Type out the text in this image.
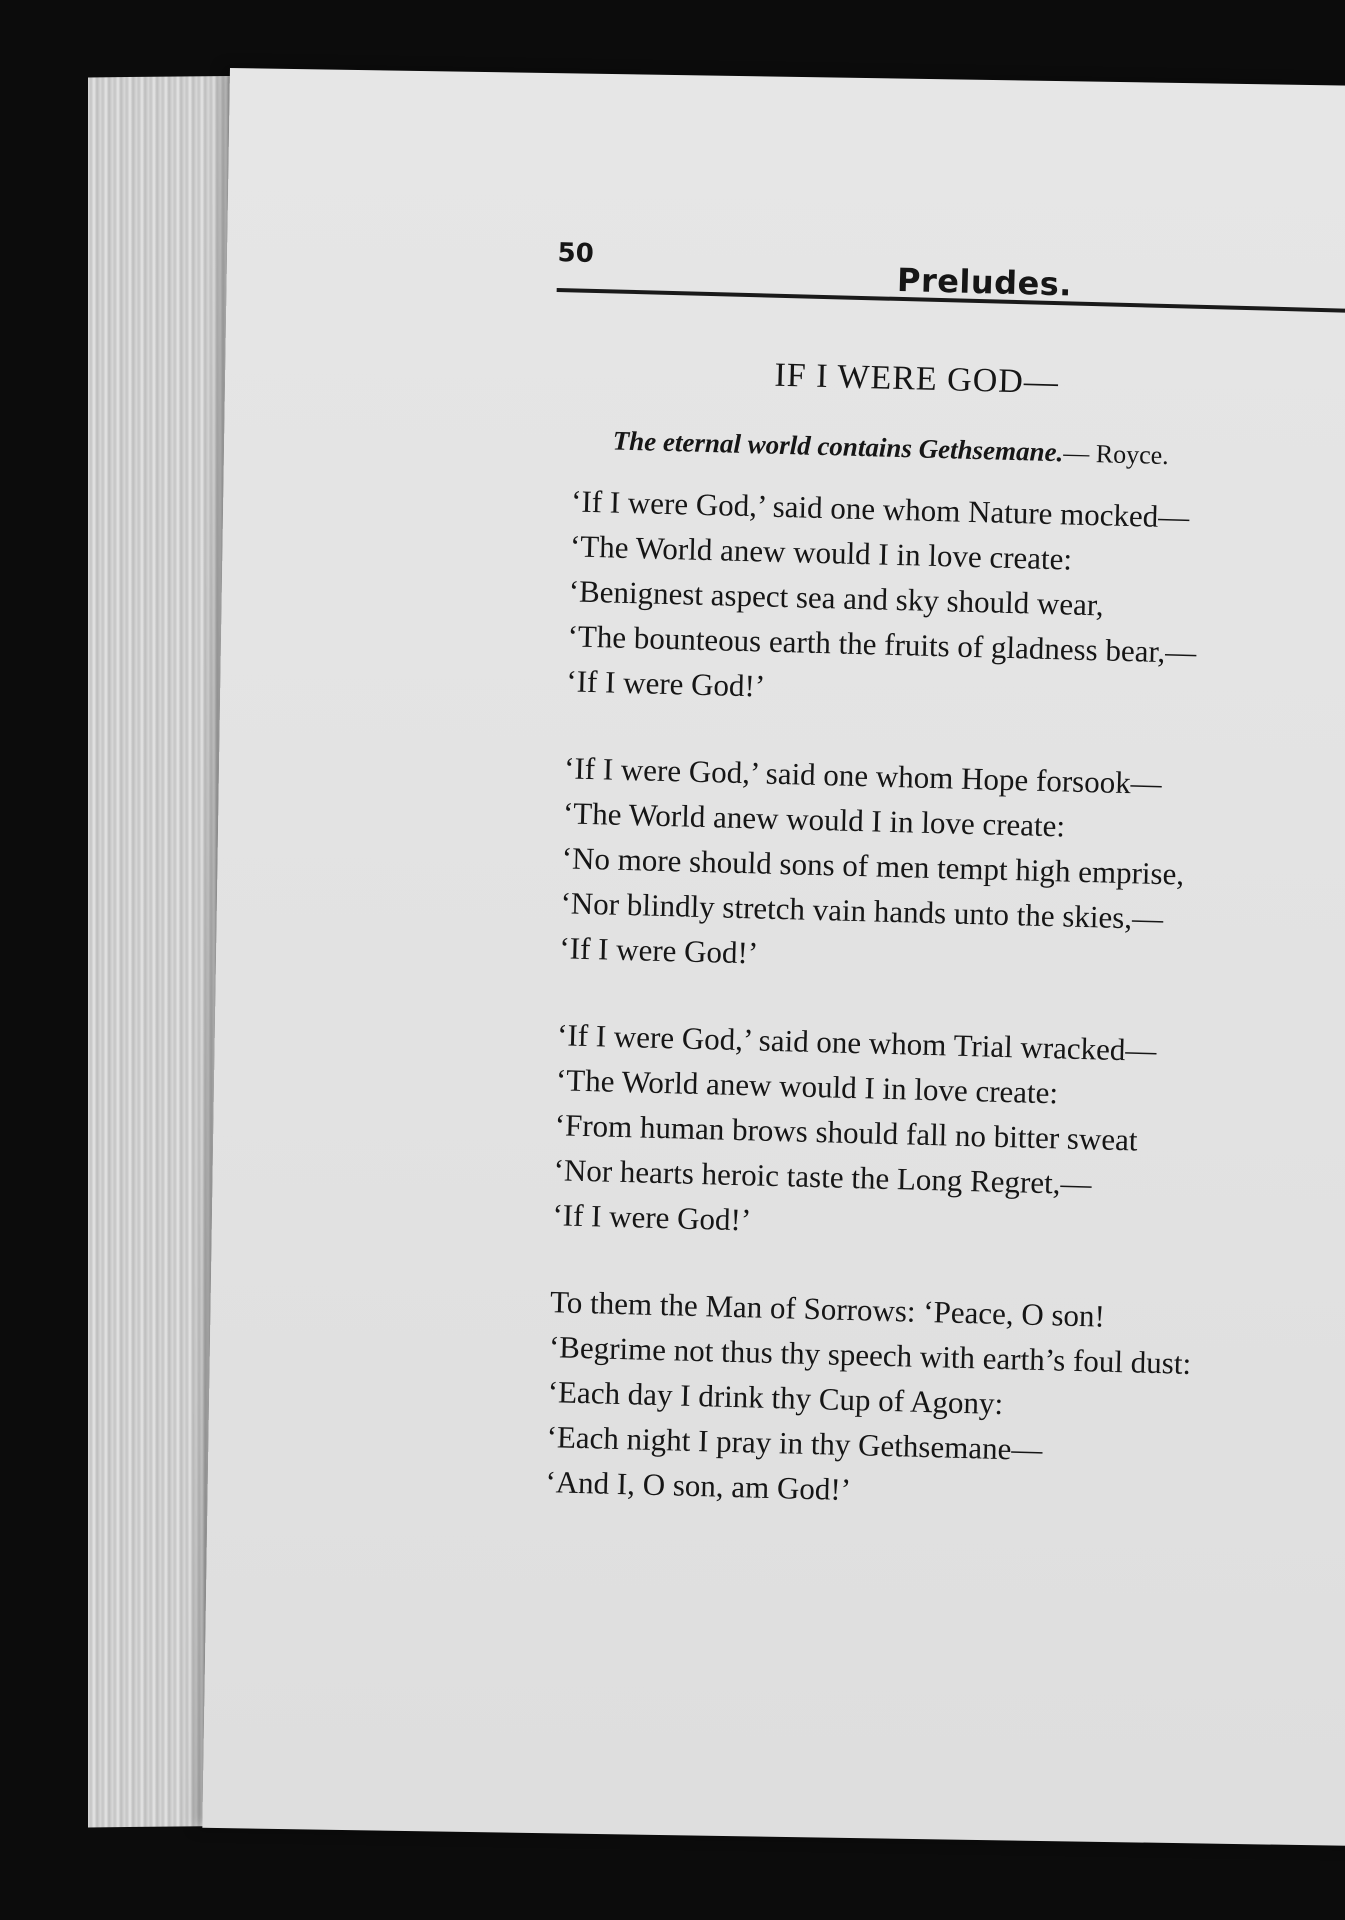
50
Preludes.
IF I WERE GOD—
The eternal world contains Gethsemane.— Royce.
‘If I were God,’ said one whom Nature mocked—
‘The World anew would I in love create:
‘Benignest aspect sea and sky should wear,
‘The bounteous earth the fruits of gladness bear,—
‘If I were God!’
‘If I were God,’ said one whom Hope forsook—
‘The World anew would I in love create:
‘No more should sons of men tempt high emprise,
‘Nor blindly stretch vain hands unto the skies,—
‘If I were God!’
‘If I were God,’ said one whom Trial wracked—
‘The World anew would I in love create:
‘From human brows should fall no bitter sweat
‘Nor hearts heroic taste the Long Regret,—
‘If I were God!’
To them the Man of Sorrows: ‘Peace, O son!
‘Begrime not thus thy speech with earth’s foul dust:
‘Each day I drink thy Cup of Agony:
‘Each night I pray in thy Gethsemane—
‘And I, O son, am God!’
